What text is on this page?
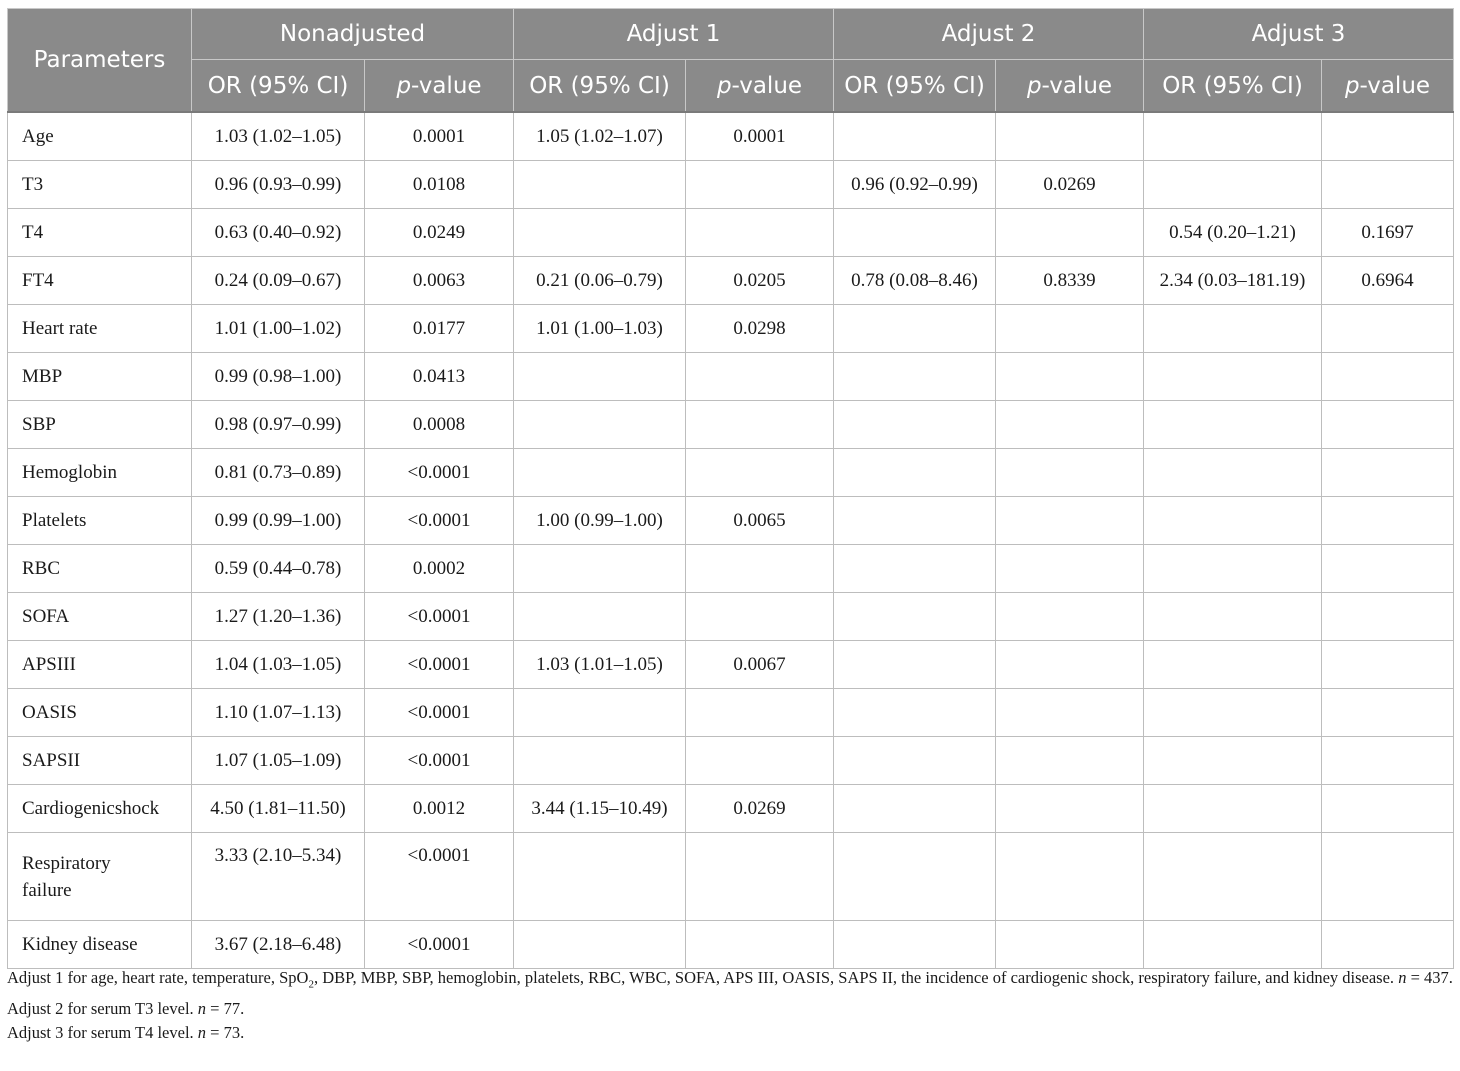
Parameters	Nonadjusted		Adjust 1		Adjust 2		Adjust 3	
	OR (95% CI)	p-value	OR (95% CI)	p-value	OR (95% CI)	p-value	OR (95% CI)	p-value
Age	1.03 (1.02–1.05)	0.0001	1.05 (1.02–1.07)	0.0001				
T3	0.96 (0.93–0.99)	0.0108			0.96 (0.92–0.99)	0.0269		
T4	0.63 (0.40–0.92)	0.0249					0.54 (0.20–1.21)	0.1697
FT4	0.24 (0.09–0.67)	0.0063	0.21 (0.06–0.79)	0.0205	0.78 (0.08–8.46)	0.8339	2.34 (0.03–181.19)	0.6964
Heart rate	1.01 (1.00–1.02)	0.0177	1.01 (1.00–1.03)	0.0298				
MBP	0.99 (0.98–1.00)	0.0413						
SBP	0.98 (0.97–0.99)	0.0008						
Hemoglobin	0.81 (0.73–0.89)	<0.0001						
Platelets	0.99 (0.99–1.00)	<0.0001	1.00 (0.99–1.00)	0.0065				
RBC	0.59 (0.44–0.78)	0.0002						
SOFA	1.27 (1.20–1.36)	<0.0001						
APSIII	1.04 (1.03–1.05)	<0.0001	1.03 (1.01–1.05)	0.0067				
OASIS	1.10 (1.07–1.13)	<0.0001						
SAPSII	1.07 (1.05–1.09)	<0.0001						
Cardiogenicshock	4.50 (1.81–11.50)	0.0012	3.44 (1.15–10.49)	0.0269				
Respiratory failure	3.33 (2.10–5.34)	<0.0001						
Kidney disease	3.67 (2.18–6.48)	<0.0001						

Adjust 1 for age, heart rate, temperature, SpO$_2$, DBP, MBP, SBP, hemoglobin, platelets, RBC, WBC, SOFA, APS III, OASIS, SAPS II, the incidence of cardiogenic shock, respiratory failure, and kidney disease. n = 437.

Adjust 2 for serum T3 level. n = 77.

Adjust 3 for serum T4 level. n = 73.
